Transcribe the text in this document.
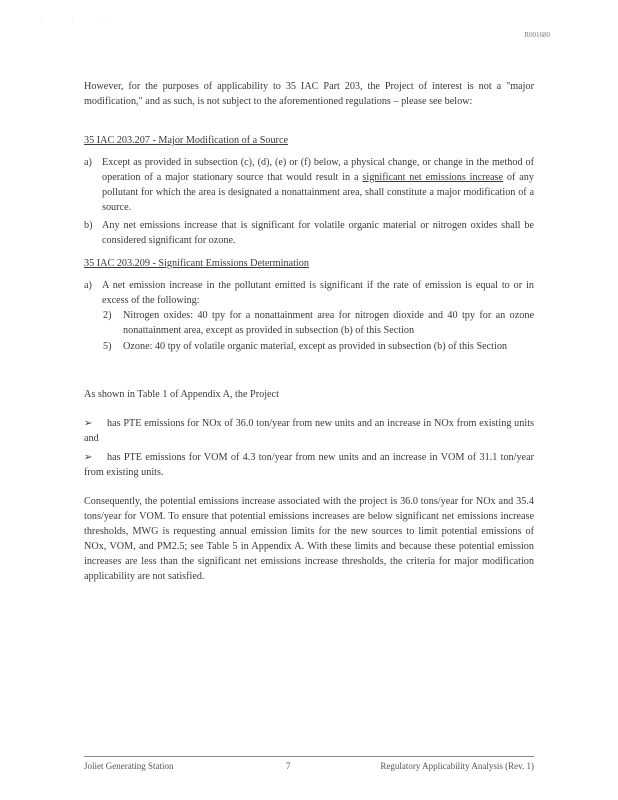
· · ·
R001680

However, for the purposes of applicability to 35 IAC Part 203, the Project of interest is not a "major modification," and as such, is not subject to the aforementioned regulations – please see below:

35 IAC 203.207 - Major Modification of a Source
a) Except as provided in subsection (c), (d), (e) or (f) below, a physical change, or change in the method of operation of a major stationary source that would result in a significant net emissions increase of any pollutant for which the area is designated a nonattainment area, shall constitute a major modification of a source.
b) Any net emissions increase that is significant for volatile organic material or nitrogen oxides shall be considered significant for ozone.
35 IAC 203.209 - Significant Emissions Determination
a) A net emission increase in the pollutant emitted is significant if the rate of emission is equal to or in excess of the following:
2)	Nitrogen oxides: 40 tpy for a nonattainment area for nitrogen dioxide and 40 tpy for an ozone nonattainment area, except as provided in subsection (b) of this Section
5)	Ozone: 40 tpy of volatile organic material, except as provided in subsection (b) of this Section

As shown in Table 1 of Appendix A, the Project

➢	has PTE emissions for NOx of 36.0 ton/year from new units and an increase in NOx from existing units and
➢	has PTE emissions for VOM of 4.3 ton/year from new units and an increase in VOM of 31.1 ton/year from existing units.

Consequently, the potential emissions increase associated with the project is 36.0 tons/year for NOx and 35.4 tons/year for VOM. To ensure that potential emissions increases are below significant net emissions increase thresholds, MWG is requesting annual emission limits for the new sources to limit potential emissions of NOx, VOM, and PM2.5; see Table 5 in Appendix A. With these limits and because these potential emission increases are less than the significant net emissions increase thresholds, the criteria for major modification applicability are not satisfied.

Joliet Generating Station	7	Regulatory Applicability Analysis (Rev. 1)
